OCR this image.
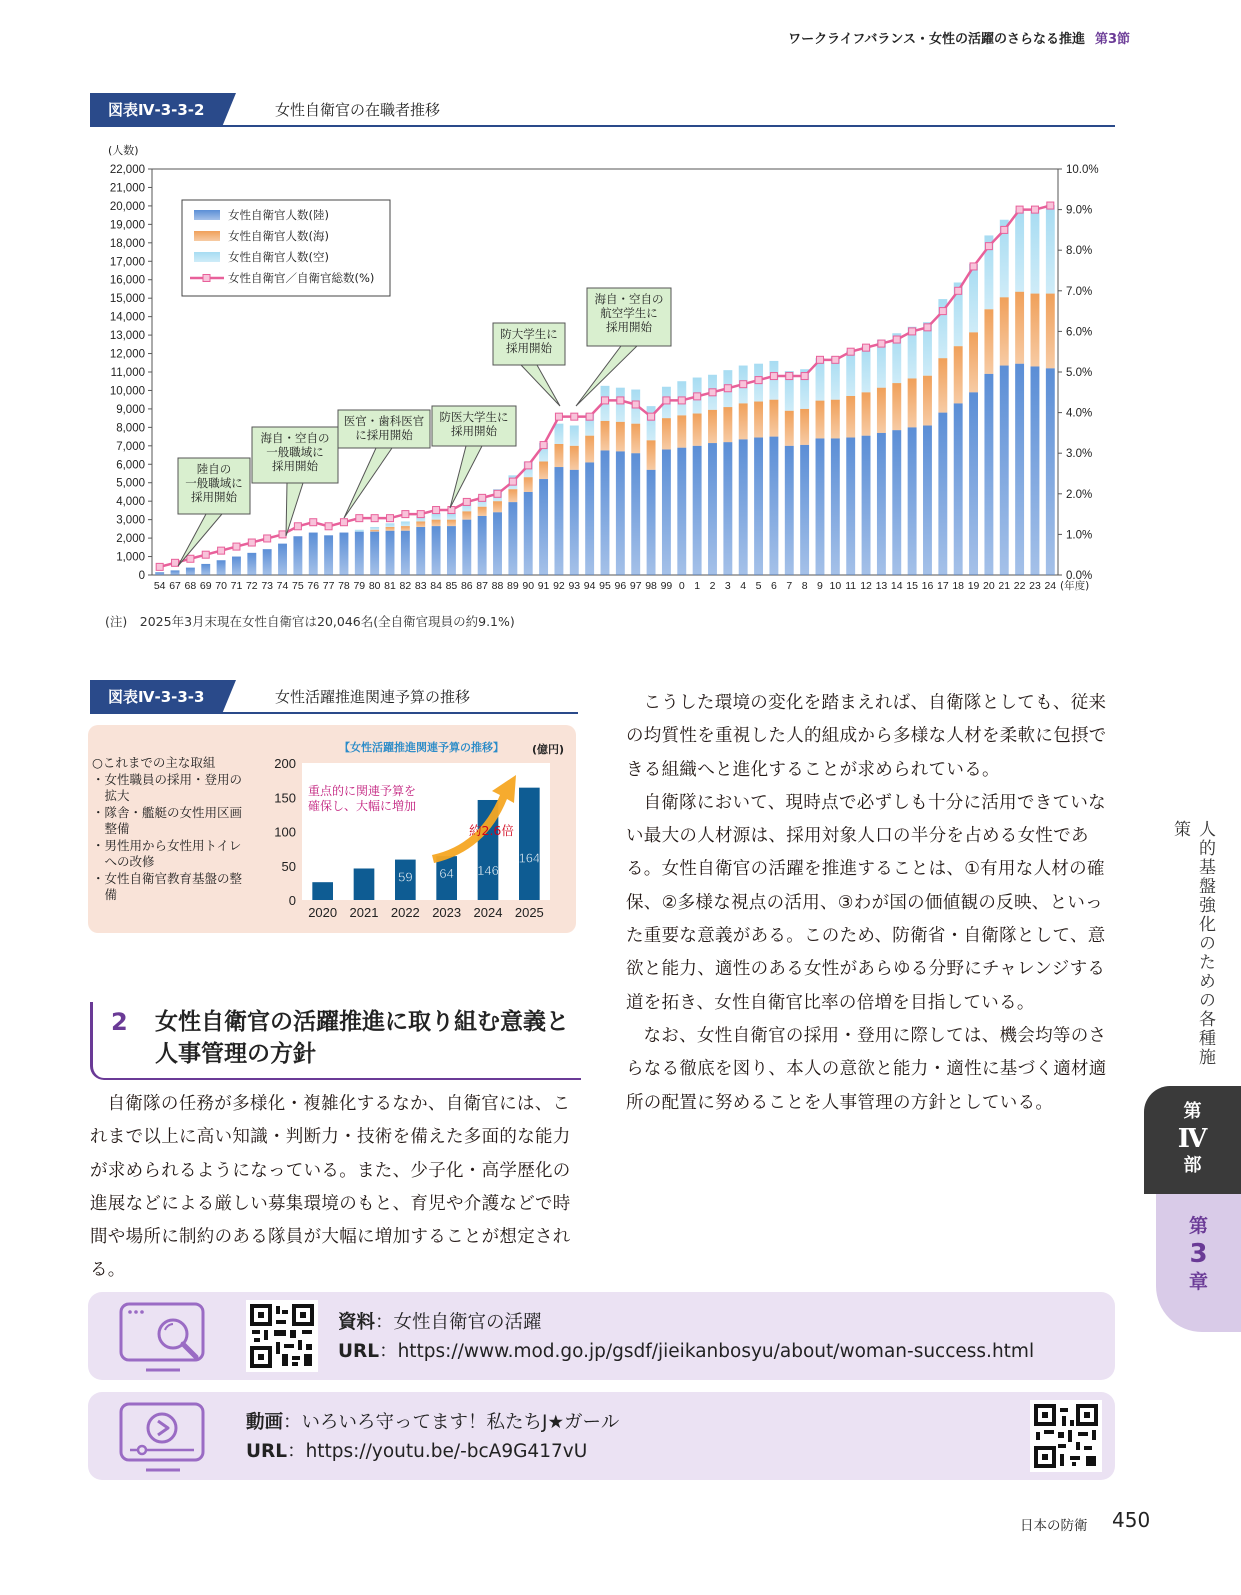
ワークライフバランス・女性の活躍のさらなる推進 第3節
図表Ⅳ-3-3-2	女性自衛官の在職者推移
0
1,000
2,000
3,000
4,000
5,000
6,000
7,000
8,000
9,000
10,000
11,000
12,000
13,000
14,000
15,000
16,000
17,000
18,000
19,000
20,000
21,000
22,000
0.0%
1.0%
2.0%
3.0%
4.0%
5.0%
6.0%
7.0%
8.0%
9.0%
10.0%
(人数)
54 67 68 69 70 71 72 73 74 75 76 77 78 79 80 81 82 83 84 85 86 87 88 89 90 91 92 93 94 95 96 97 98 99 0 1 2 3 4 5 6 7 8 9 10 11 12 13 14 15 16 17 18 19 20 21 22 23 24 (年度)
女性自衛官人数(陸)
女性自衛官人数(海)
女性自衛官人数(空)
女性自衛官／自衛官総数(%)
陸自の一般職域に採用開始
海自・空自の一般職域に採用開始
医官・歯科医官に採用開始
防医大学生に採用開始
防大学生に採用開始
海自・空自の航空学生に採用開始
(注)　2025年3月末現在女性自衛官は20,046名(全自衛官現員の約9.1%)
図表Ⅳ-3-3-3	女性活躍推進関連予算の推移
○これまでの主な取組
・女性職員の採用・登用の
　拡大
・隊舎・艦艇の女性用区画
　整備
・男性用から女性用トイレ
　への改修
・女性自衛官教育基盤の整
　備
【女性活躍推進関連予算の推移】	(億円)
0
50
100
150
200
2020 2021 2022 2023 2024 2025
59 64 146
164
重点的に関連予算を確保し、大幅に増加
約2.6倍
2 女性自衛官の活躍推進に取り組む意義と人事管理の方針

自衛隊の任務が多様化・複雑化するなか、自衛官には、これまで以上に高い知識・判断力・技術を備えた多面的な能力が求められるようになっている。また、少子化・高学歴化の進展などによる厳しい募集環境のもと、育児や介護などで時間や場所に制約のある隊員が大幅に増加することが想定される。

こうした環境の変化を踏まえれば、自衛隊としても、従来の均質性を重視した人的組成から多様な人材を柔軟に包摂できる組織へと進化することが求められている。

自衛隊において、現時点で必ずしも十分に活用できていない最大の人材源は、採用対象人口の半分を占める女性である。女性自衛官の活躍を推進することは、①有用な人材の確保、②多様な視点の活用、③わが国の価値観の反映、といった重要な意義がある。このため、防衛省・自衛隊として、意欲と能力、適性のある女性があらゆる分野にチャレンジする道を拓き、女性自衛官比率の倍増を目指している。

なお、女性自衛官の採用・登用に際しては、機会均等のさらなる徹底を図り、本人の意欲と能力・適性に基づく適材適所の配置に努めることを人事管理の方針としている。

資料：女性自衛官の活躍
URL：https://www.mod.go.jp/gsdf/jieikanbosyu/about/woman-success.html
動画：いろいろ守ってます！私たちJ★ガール
URL：https://youtu.be/-bcA9G417vU
人的基盤強化のための各種施策
第
Ⅳ
部
第
3
章
日本の防衛 450
